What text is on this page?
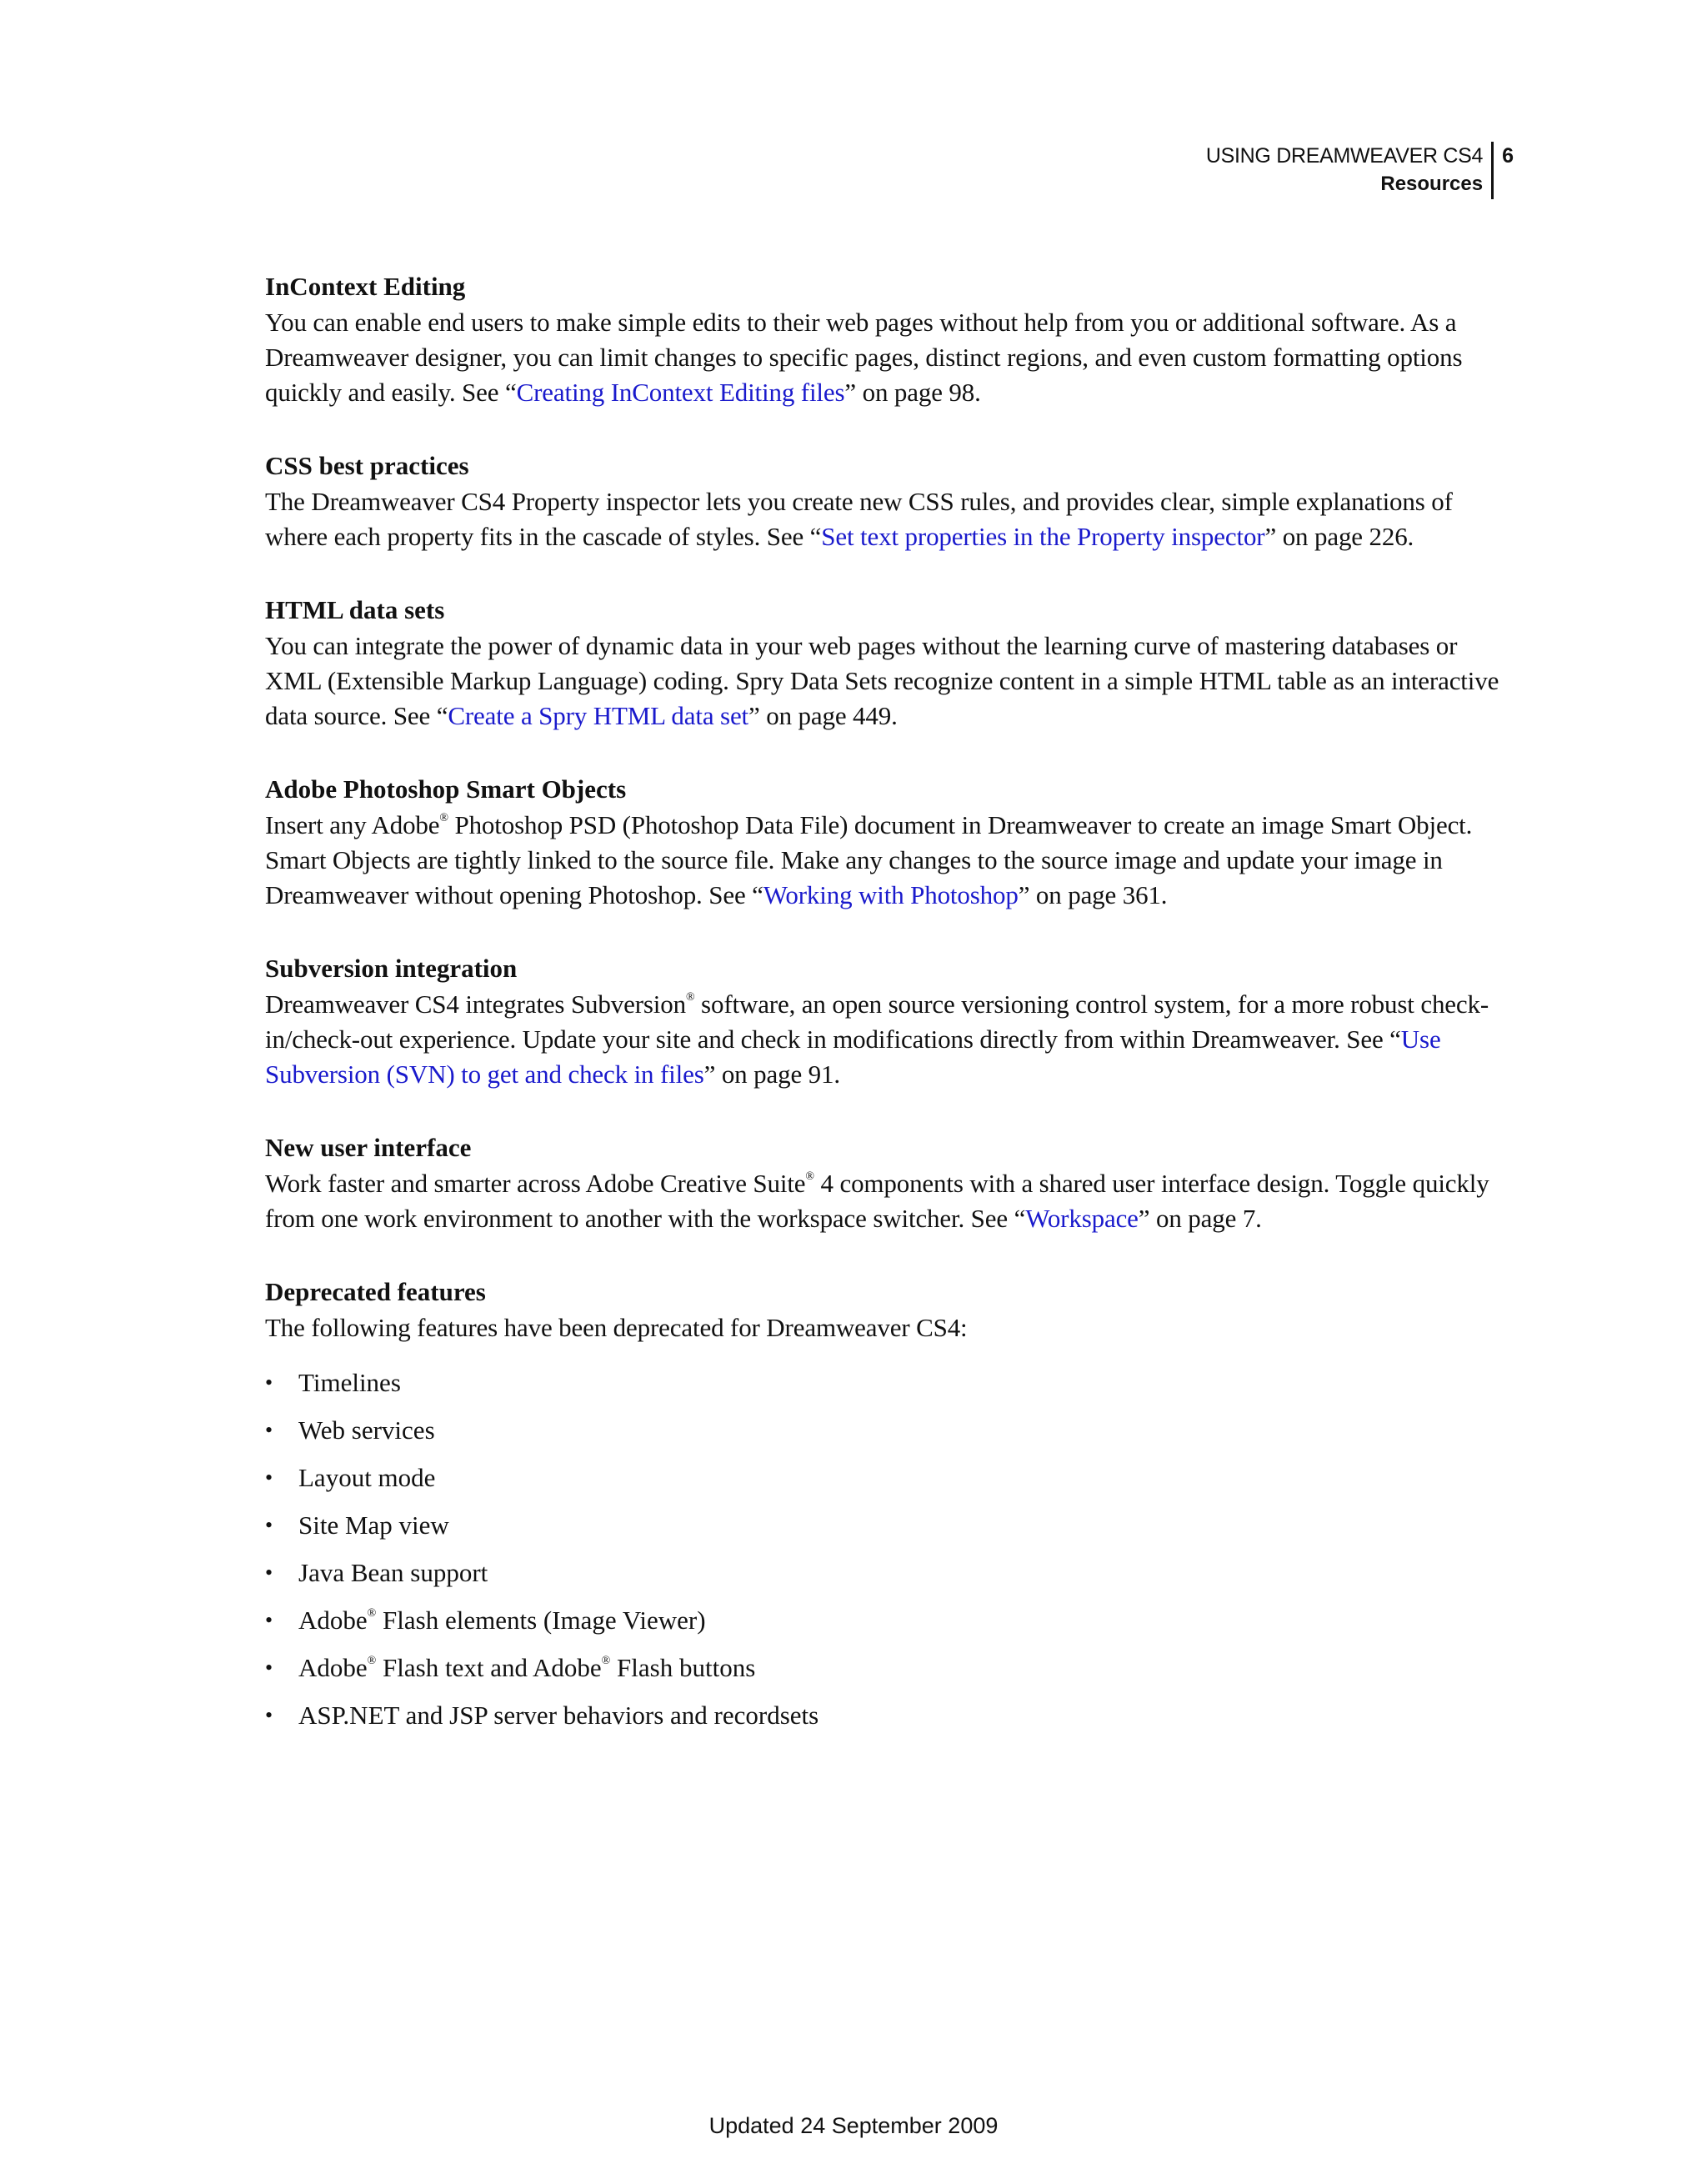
USING DREAMWEAVER CS4
Resources
6
InContext Editing

You can enable end users to make simple edits to their web pages without help from you or additional software. As a Dreamweaver designer, you can limit changes to specific pages, distinct regions, and even custom formatting options quickly and easily. See “Creating InContext Editing files” on page 98.

CSS best practices

The Dreamweaver CS4 Property inspector lets you create new CSS rules, and provides clear, simple explanations of where each property fits in the cascade of styles. See “Set text properties in the Property inspector” on page 226.

HTML data sets

You can integrate the power of dynamic data in your web pages without the learning curve of mastering databases or XML (Extensible Markup Language) coding. Spry Data Sets recognize content in a simple HTML table as an interactive data source. See “Create a Spry HTML data set” on page 449.

Adobe Photoshop Smart Objects

Insert any Adobe® Photoshop PSD (Photoshop Data File) document in Dreamweaver to create an image Smart Object. Smart Objects are tightly linked to the source file. Make any changes to the source image and update your image in Dreamweaver without opening Photoshop. See “Working with Photoshop” on page 361.

Subversion integration

Dreamweaver CS4 integrates Subversion® software, an open source versioning control system, for a more robust check-in/check-out experience. Update your site and check in modifications directly from within Dreamweaver. See “Use Subversion (SVN) to get and check in files” on page 91.

New user interface

Work faster and smarter across Adobe Creative Suite® 4 components with a shared user interface design. Toggle quickly from one work environment to another with the workspace switcher. See “Workspace” on page 7.

Deprecated features

The following features have been deprecated for Dreamweaver CS4:

• Timelines
• Web services
• Layout mode
• Site Map view
• Java Bean support
• Adobe® Flash elements (Image Viewer)
• Adobe® Flash text and Adobe® Flash buttons
• ASP.NET and JSP server behaviors and recordsets
Updated 24 September 2009
